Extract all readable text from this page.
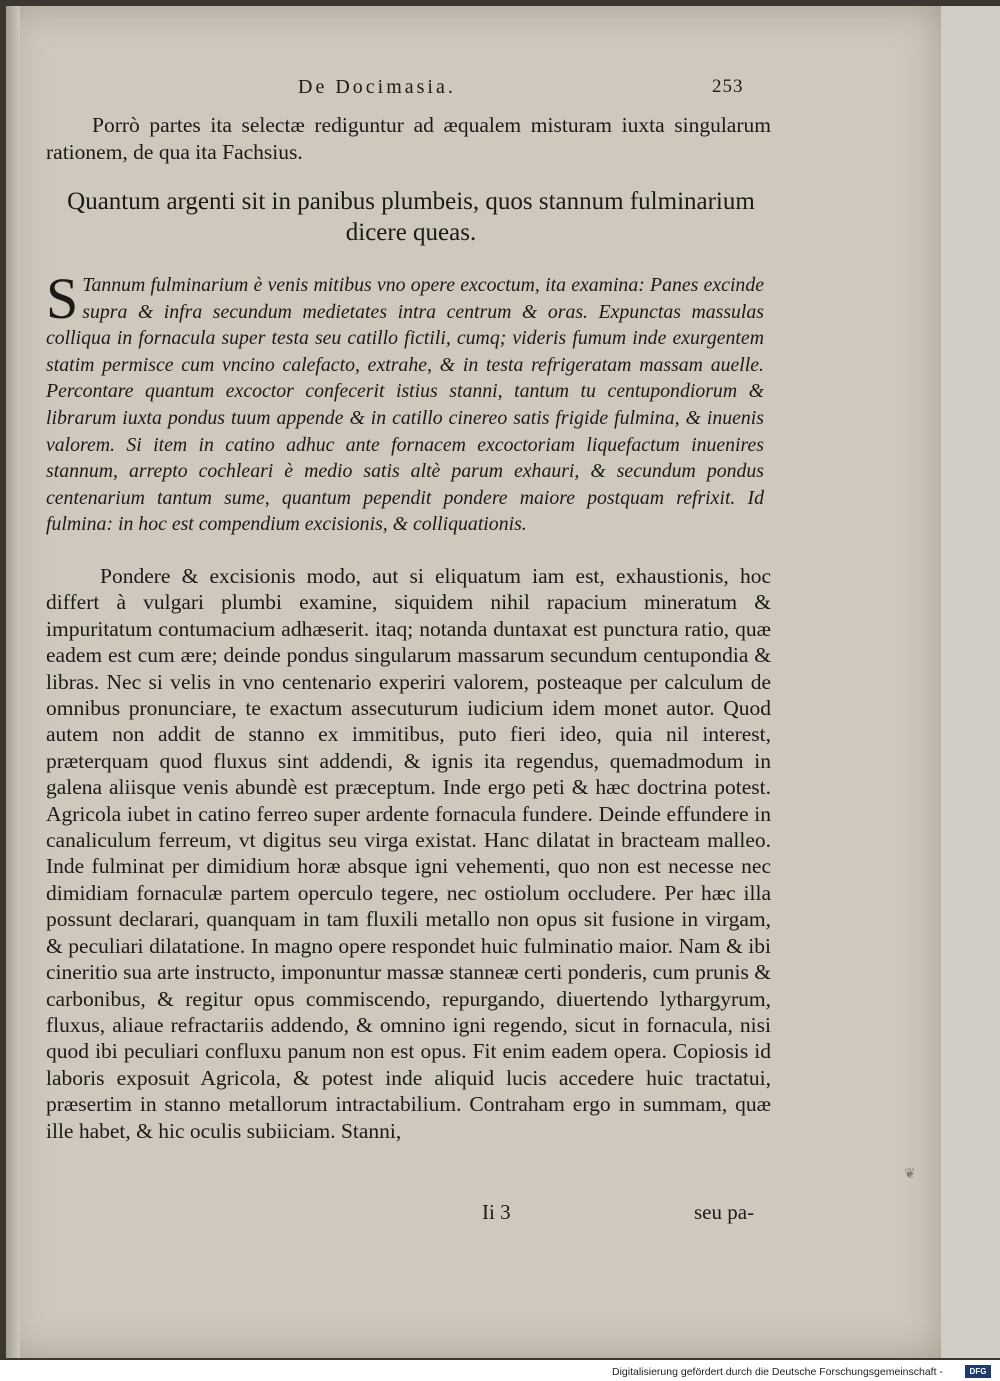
De Docimasia.	253

Porrò partes ita selectæ rediguntur ad æqualem misturam iuxta singularum rationem, de qua ita Fachsius.

Quantum argenti sit in panibus plumbeis, quos stannum fulminarium dicere queas.
S Tannum fulminarium è venis mitibus vno opere excoctum, ita examina: Panes excinde supra & infra secundum medietates intra centrum & oras. Expunctas massulas colliqua in fornacula super testa seu catillo fictili, cumq; videris fumum inde exurgentem statim permisce cum vncino calefacto, extrahe, & in testa refrigeratam massam auelle. Percontare quantum excoctor confecerit istius stanni, tantum tu centupondiorum & librarum iuxta pondus tuum appende & in catillo cinereo satis frigide fulmina, & inuenis valorem. Si item in catino adhuc ante fornacem excoctoriam liquefactum inuenires stannum, arrepto cochleari è medio satis altè parum exhauri, & secundum pondus centenarium tantum sume, quantum pependit pondere maiore postquam refrixit. Id fulmina: in hoc est compendium excisionis, & colliquationis.

Pondere & excisionis modo, aut si eliquatum iam est, exhaustionis, hoc differt à vulgari plumbi examine, siquidem nihil rapacium mineratum & impuritatum contumacium adhæserit. itaq; notanda duntaxat est punctura ratio, quæ eadem est cum ære; deinde pondus singularum massarum secundum centupondia & libras. Nec si velis in vno centenario experiri valorem, posteaque per calculum de omnibus pronunciare, te exactum assecuturum iudicium idem monet autor. Quod autem non addit de stanno ex immitibus, puto fieri ideo, quia nil interest, præterquam quod fluxus sint addendi, & ignis ita regendus, quemadmodum in galena aliisque venis abundè est præceptum. Inde ergo peti & hæc doctrina potest. Agricola iubet in catino ferreo super ardente fornacula fundere. Deinde effundere in canaliculum ferreum, vt digitus seu virga existat. Hanc dilatat in bracteam malleo. Inde fulminat per dimidium horæ absque igni vehementi, quo non est necesse nec dimidiam fornaculæ partem operculo tegere, nec ostiolum occludere. Per hæc illa possunt declarari, quanquam in tam fluxili metallo non opus sit fusione in virgam, & peculiari dilatatione. In magno opere respondet huic fulminatio maior. Nam & ibi cineritio sua arte instructo, imponuntur massæ stanneæ certi ponderis, cum prunis & carbonibus, & regitur opus commiscendo, repurgando, diuertendo lythargyrum, fluxus, aliaue refractariis addendo, & omnino igni regendo, sicut in fornacula, nisi quod ibi peculiari confluxu panum non est opus. Fit enim eadem opera. Copiosis id laboris exposuit Agricola, & potest inde aliquid lucis accedere huic tractatui, præsertim in stanno metallorum intractabilium. Contraham ergo in summam, quæ ille habet, & hic oculis subiiciam. Stanni,

Ii 3	seu pa-
❦
Digitalisierung gefördert durch die Deutsche Forschungsgemeinschaft -	DFG
